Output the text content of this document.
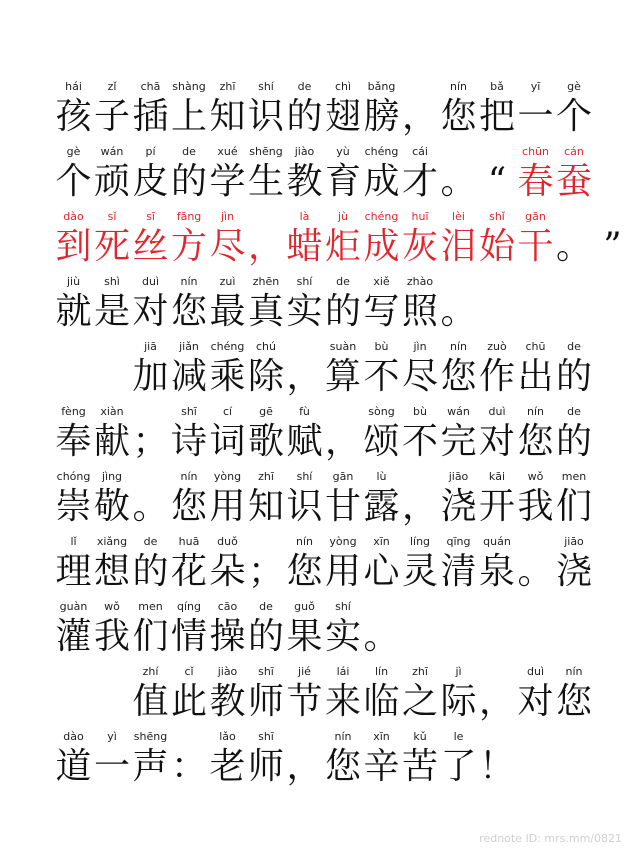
hái
孩
zǐ
子
chā
插
shàng
上
zhī
知
shí
识
de
的
chì
翅
bǎng
膀 ，
nín
您
bǎ
把
yī
一
gè
个
gè
个
wán
顽
pí
皮
de
的
xué
学
shēng
生
jiào
教
yù
育
chéng
成
cái
才 。 “
chūn
春
cán
蚕
dào
到
sǐ
死
sī
丝
fāng
方
jìn
尽 ，
là
蜡
jù
炬
chéng
成
huī
灰
lèi
泪
shǐ
始
gān
干 。 ”
jiù
就
shì
是
duì
对
nín
您
zuì
最
zhēn
真
shí
实
de
的
xiě
写
zhào
照 。
jiā
加
jiǎn
减
chéng
乘
chú
除 ，
suàn
算
bù
不
jìn
尽
nín
您
zuò
作
chū
出
de
的
fèng
奉
xiàn
献 ；
shī
诗
cí
词
gē
歌
fù
赋 ，
sòng
颂
bù
不
wán
完
duì
对
nín
您
de
的
chóng
崇
jìng
敬 。
nín
您
yòng
用
zhī
知
shí
识
gān
甘
lù
露 ，
jiāo
浇
kāi
开
wǒ
我
men
们
lǐ
理
xiǎng
想
de
的
huā
花
duǒ
朵 ；
nín
您
yòng
用
xīn
心
líng
灵
qīng
清
quán
泉 。
jiāo
浇
guàn
灌
wǒ
我
men
们
qíng
情
cāo
操
de
的
guǒ
果
shí
实 。
zhí
值
cǐ
此
jiào
教
shī
师
jié
节
lái
来
lín
临
zhī
之
jì
际 ，
duì
对
nín
您
dào
道
yì
一
shēng
声 ：
lǎo
老
shī
师 ，
nín
您
xīn
辛
kǔ
苦
le
了 ！
rednote ID: mrs.mm/0821
